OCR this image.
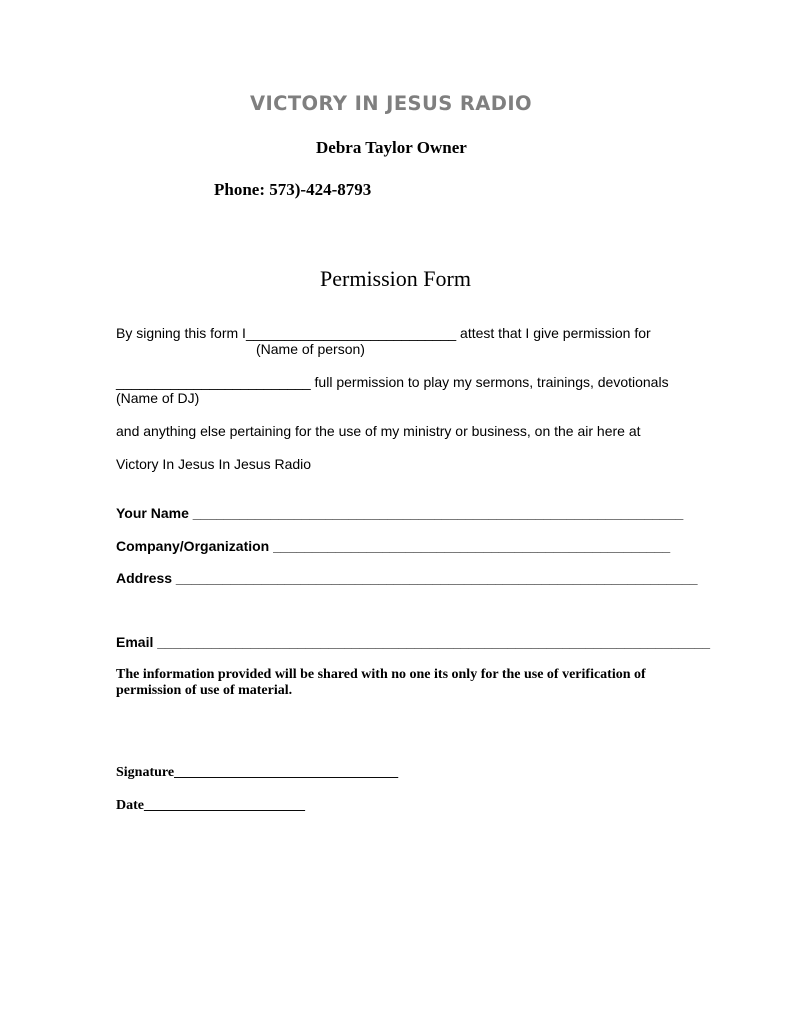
VICTORY IN JESUS RADIO
Debra Taylor Owner
Phone: 573)-424-8793
Permission Form
By signing this form I___________________________ attest that I give permission for
(Name of person)
_________________________ full permission to play my sermons, trainings, devotionals
(Name of DJ)
and anything else pertaining for the use of my ministry or business, on the air here at
Victory In Jesus In Jesus Radio
Your Name _______________________________________________________________
Company/Organization ___________________________________________________
Address ___________________________________________________________________
Email _______________________________________________________________________
The information provided will be shared with no one its only for the use of verification of
permission of use of material.
Signature________________________________
Date_______________________
